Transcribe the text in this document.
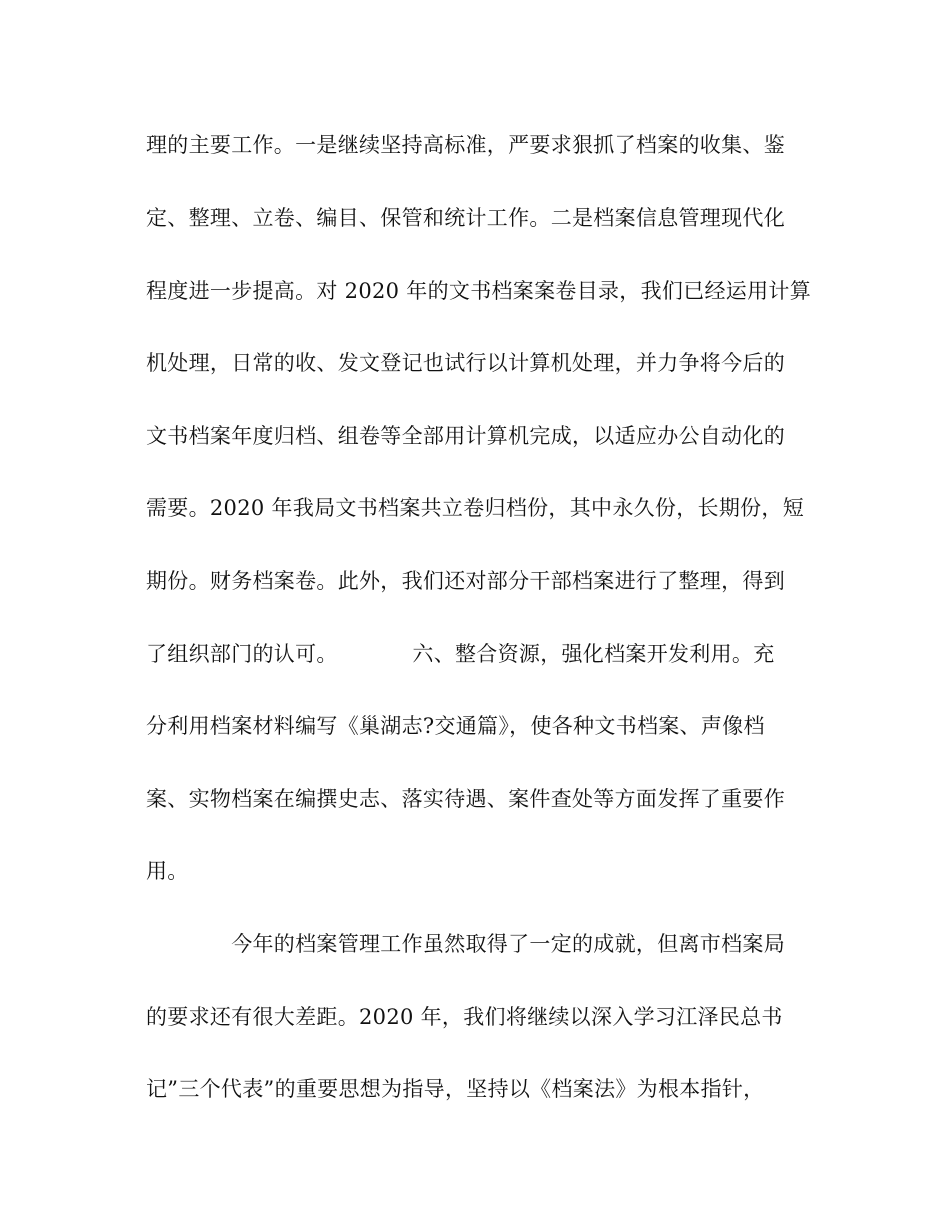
理的主要工作。一是继续坚持高标准，严要求狠抓了档案的收集、鉴
定、整理、立卷、编目、保管和统计工作。二是档案信息管理现代化
程度进一步提高。对 2020 年的文书档案案卷目录，我们已经运用计算
机处理，日常的收、发文登记也试行以计算机处理，并力争将今后的
文书档案年度归档、组卷等全部用计算机完成，以适应办公自动化的
需要。2020 年我局文书档案共立卷归档份，其中永久份，长期份，短
期份。财务档案卷。此外，我们还对部分干部档案进行了整理，得到
了组织部门的认可。　　　　六、整合资源，强化档案开发利用。充
分利用档案材料编写《巢湖志?交通篇》，使各种文书档案、声像档
案、实物档案在编撰史志、落实待遇、案件查处等方面发挥了重要作
用。
　　　　今年的档案管理工作虽然取得了一定的成就，但离市档案局
的要求还有很大差距。2020 年，我们将继续以深入学习江泽民总书
记”三个代表”的重要思想为指导，坚持以《档案法》为根本指针，
